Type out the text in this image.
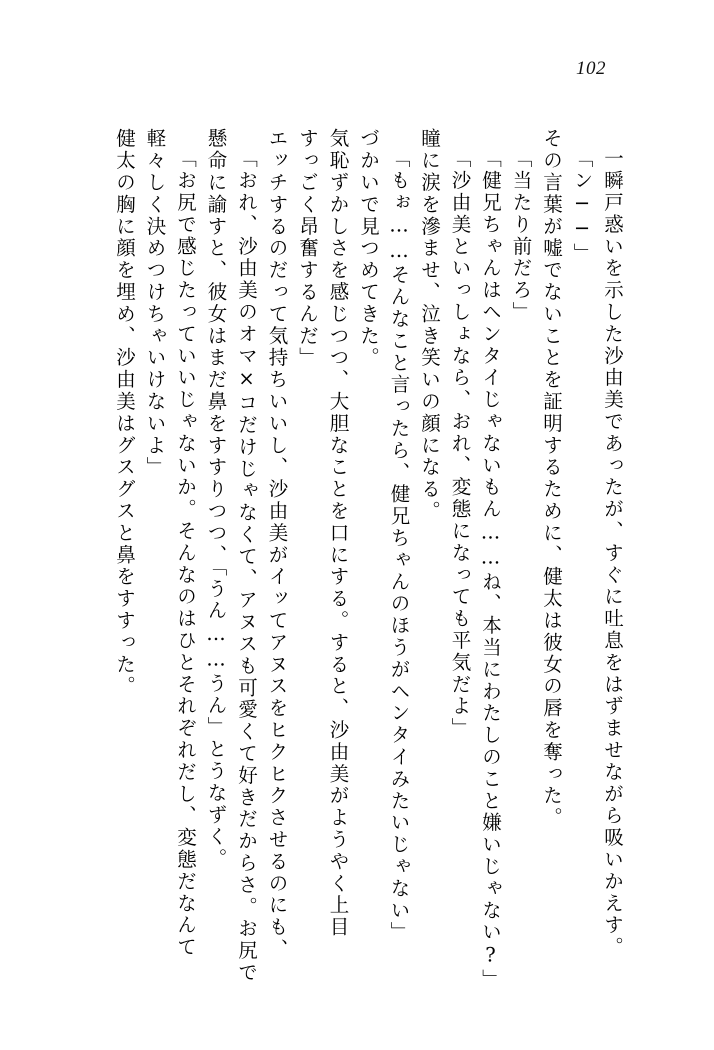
102
健太の胸に顔を埋め、沙由美はグスグスと鼻をすすった。 軽々しく決めつけちゃいけないよ」 「お尻で感じたっていいじゃないか。そんなのはひとそれぞれだし、変態だなんて 懸命に諭すと、彼女はまだ鼻をすすりつつ、「うん……うん」とうなずく。 「おれ、沙由美のオマ×コだけじゃなくて、アヌスも可愛くて好きだからさ。お尻で エッチするのだって気持ちいいし、沙由美がイッてアヌスをヒクヒクさせるのにも、 すっごく昂奮するんだ」 気恥ずかしさを感じつつ、大胆なことを口にする。すると、沙由美がようやく上目 づかいで見つめてきた。 「もぉ……そんなこと言ったら、健兄ちゃんのほうがヘンタイみたいじゃない」 瞳に涙を滲ませ、泣き笑いの顔になる。 「沙由美といっしょなら、おれ、変態になっても平気だよ」 「健兄ちゃんはヘンタイじゃないもん……ね、本当にわたしのこと嫌いじゃない?」 「当たり前だろ」 その言葉が嘘でないことを証明するために、健太は彼女の唇を奪った。 「ン──」 一瞬戸惑いを示した沙由美であったが、すぐに吐息をはずませながら吸いかえす。
